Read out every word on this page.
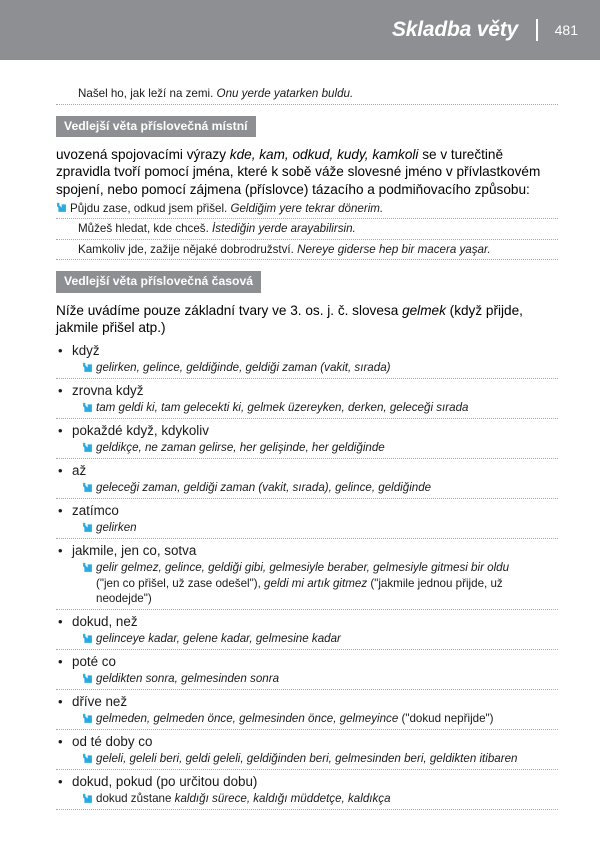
Skladba věty	481
Našel ho, jak leží na zemi. Onu yerde yatarken buldu.
Vedlejší věta příslovečná místní

uvozená spojovacími výrazy kde, kam, odkud, kudy, kamkoli se v turečtině zpravidla tvoří pomocí jména, které k sobě váže slovesné jméno v přívlastkovém spojení, nebo pomocí zájmena (příslovce) tázacího a podmiňovacího způsobu:

Půjdu zase, odkud jsem přišel. Geldiğim yere tekrar dönerim.
Můžeš hledat, kde chceš. İstediğin yerde arayabilirsin.
Kamkoliv jde, zažije nějaké dobrodružství. Nereye giderse hep bir macera yaşar.
Vedlejší věta příslovečná časová

Níže uvádíme pouze základní tvary ve 3. os. j. č. slovesa gelmek (když přijde, jakmile přišel atp.)

• když
gelirken, gelince, geldiğinde, geldiği zaman (vakit, sırada)
• zrovna když
tam geldi ki, tam gelecekti ki, gelmek üzereyken, derken, geleceği sırada
• pokaždé když, kdykoliv
geldikçe, ne zaman gelirse, her gelişinde, her geldiğinde
• až
geleceği zaman, geldiği zaman (vakit, sırada), gelince, geldiğinde
• zatímco
gelirken
• jakmile, jen co, sotva
gelir gelmez, gelince, geldiği gibi, gelmesiyle beraber, gelmesiyle gitmesi bir oldu
("jen co přišel, už zase odešel"), geldi mi artık gitmez ("jakmile jednou přijde, už
neodejde")
• dokud, než
gelinceye kadar, gelene kadar, gelmesine kadar
• poté co
geldikten sonra, gelmesinden sonra
• dříve než
gelmeden, gelmeden önce, gelmesinden önce, gelmeyince ("dokud nepřijde")
• od té doby co
geleli, geleli beri, geldi geleli, geldiğinden beri, gelmesinden beri, geldikten itibaren
• dokud, pokud (po určitou dobu)
dokud zůstane kaldığı sürece, kaldığı müddetçe, kaldıkça
